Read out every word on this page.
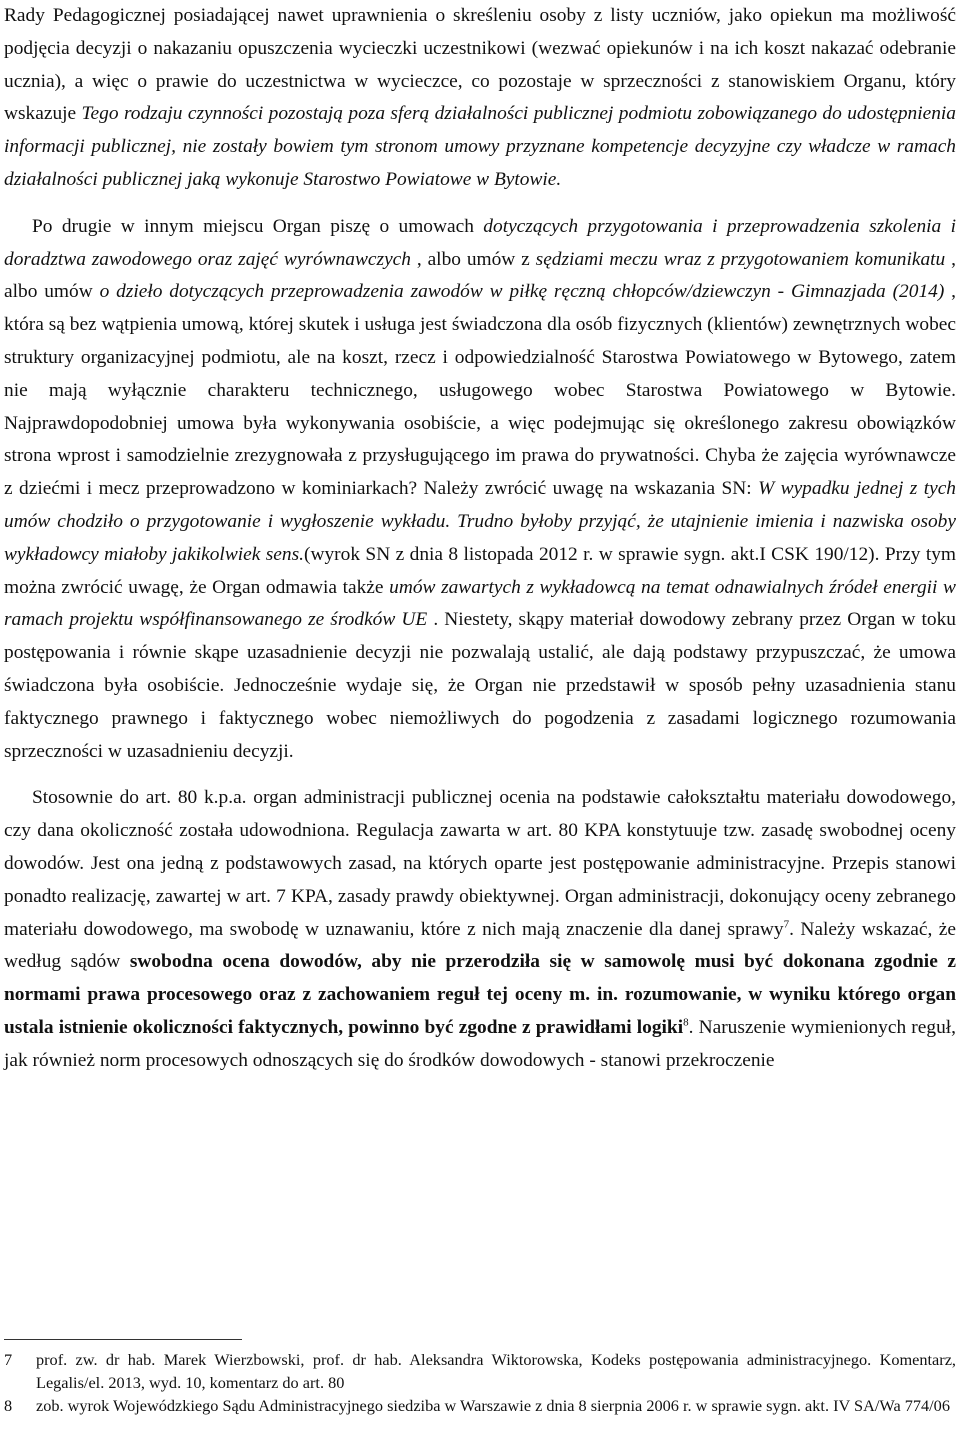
Rady Pedagogicznej posiadającej nawet uprawnienia o skreśleniu osoby z listy uczniów, jako opiekun ma możliwość podjęcia decyzji o nakazaniu opuszczenia wycieczki uczestnikowi (wezwać opiekunów i na ich koszt nakazać odebranie ucznia), a więc o prawie do uczestnictwa w wycieczce, co pozostaje w sprzeczności z stanowiskiem Organu, który wskazuje Tego rodzaju czynności pozostają poza sferą działalności publicznej podmiotu zobowiązanego do udostępnienia informacji publicznej, nie zostały bowiem tym stronom umowy przyznane kompetencje decyzyjne czy władcze w ramach działalności publicznej jaką wykonuje Starostwo Powiatowe w Bytowie.

Po drugie w innym miejscu Organ piszę o umowach dotyczących przygotowania i przeprowadzenia szkolenia i doradztwa zawodowego oraz zajęć wyrównawczych , albo umów z sędziami meczu wraz z przygotowaniem komunikatu , albo umów o dzieło dotyczących przeprowadzenia zawodów w piłkę ręczną chłopców/dziewczyn - Gimnazjada (2014) , która są bez wątpienia umową, której skutek i usługa jest świadczona dla osób fizycznych (klientów) zewnętrznych wobec struktury organizacyjnej podmiotu, ale na koszt, rzecz i odpowiedzialność Starostwa Powiatowego w Bytowego, zatem nie mają wyłącznie charakteru technicznego, usługowego wobec Starostwa Powiatowego w Bytowie. Najprawdopodobniej umowa była wykonywania osobiście, a więc podejmując się określonego zakresu obowiązków strona wprost i samodzielnie zrezygnowała z przysługującego im prawa do prywatności. Chyba że zajęcia wyrównawcze z dziećmi i mecz przeprowadzono w kominiarkach? Należy zwrócić uwagę na wskazania SN: W wypadku jednej z tych umów chodziło o przygotowanie i wygłoszenie wykładu. Trudno byłoby przyjąć, że utajnienie imienia i nazwiska osoby wykładowcy miałoby jakikolwiek sens.(wyrok SN z dnia 8 listopada 2012 r. w sprawie sygn. akt.I CSK 190/12). Przy tym można zwrócić uwagę, że Organ odmawia także umów zawartych z wykładowcą na temat odnawialnych źródeł energii w ramach projektu współfinansowanego ze środków UE . Niestety, skąpy materiał dowodowy zebrany przez Organ w toku postępowania i równie skąpe uzasadnienie decyzji nie pozwalają ustalić, ale dają podstawy przypuszczać, że umowa świadczona była osobiście. Jednocześnie wydaje się, że Organ nie przedstawił w sposób pełny uzasadnienia stanu faktycznego prawnego i faktycznego wobec niemożliwych do pogodzenia z zasadami logicznego rozumowania sprzeczności w uzasadnieniu decyzji.

Stosownie do art. 80 k.p.a. organ administracji publicznej ocenia na podstawie całokształtu materiału dowodowego, czy dana okoliczność została udowodniona. Regulacja zawarta w art. 80 KPA konstytuuje tzw. zasadę swobodnej oceny dowodów. Jest ona jedną z podstawowych zasad, na których oparte jest postępowanie administracyjne. Przepis stanowi ponadto realizację, zawartej w art. 7 KPA, zasady prawdy obiektywnej. Organ administracji, dokonujący oceny zebranego materiału dowodowego, ma swobodę w uznawaniu, które z nich mają znaczenie dla danej sprawy$^7$. Należy wskazać, że według sądów swobodna ocena dowodów, aby nie przerodziła się w samowolę musi być dokonana zgodnie z normami prawa procesowego oraz z zachowaniem reguł tej oceny m. in. rozumowanie, w wyniku którego organ ustala istnienie okoliczności faktycznych, powinno być zgodne z prawidłami logiki$^8$. Naruszenie wymienionych reguł, jak również norm procesowych odnoszących się do środków dowodowych - stanowi przekroczenie

7	prof. zw. dr hab. Marek Wierzbowski, prof. dr hab. Aleksandra Wiktorowska, Kodeks postępowania administracyjnego. Komentarz, Legalis/el. 2013, wyd. 10, komentarz do art. 80
8	zob. wyrok Wojewódzkiego Sądu Administracyjnego siedziba w Warszawie z dnia 8 sierpnia 2006 r. w sprawie sygn. akt. IV SA/Wa 774/06
